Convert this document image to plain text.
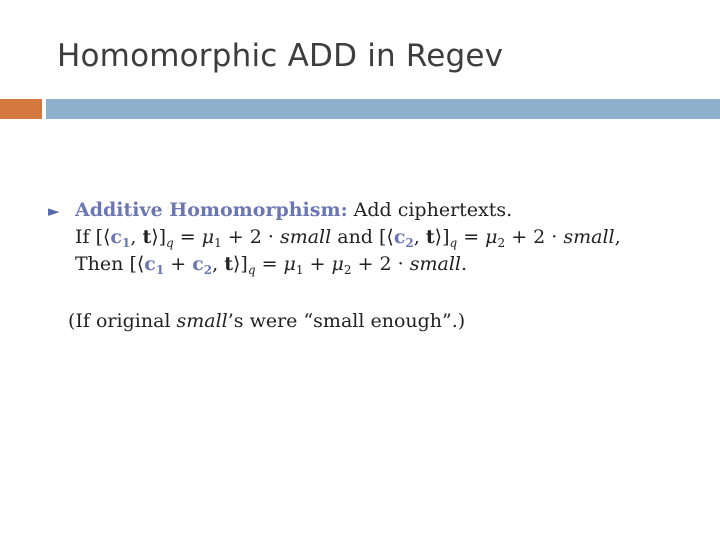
Homomorphic ADD in Regev
► Additive Homomorphism: Add ciphertexts.
If [$⟨c_1$, $t⟩]_q = \mu_1 + 2$ · small and [$⟨c_2$, $t⟩]_q = \mu_2 + 2$ · small,
Then [$⟨c_1 + c_2$, $t⟩]_q = \mu_1 + \mu_2 + 2$ · small.
(If original small’s were “small enough”.)
